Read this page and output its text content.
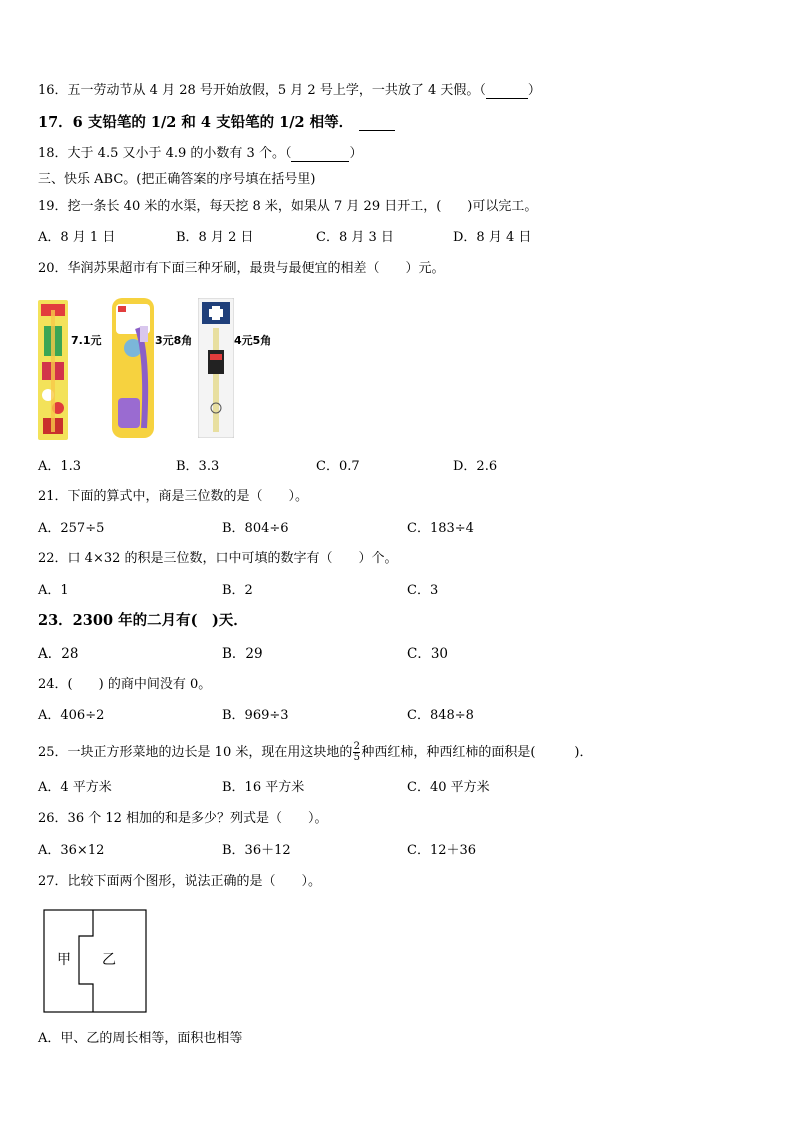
16．五一劳动节从 4 月 28 号开始放假，5 月 2 号上学，一共放了 4 天假。（	）
17．6 支铅笔的 1/2 和 4 支铅笔的 1/2 相等．
18．大于 4.5 又小于 4.9 的小数有 3 个。（	）
三、快乐 ABC。(把正确答案的序号填在括号里)
19．挖一条长 40 米的水渠，每天挖 8 米，如果从 7 月 29 日开工，(　　)可以完工。
A．8 月 1 日	B．8 月 2 日	C．8 月 3 日	D．8 月 4 日
20．华润苏果超市有下面三种牙刷，最贵与最便宜的相差（　　）元。
7.1元	3元8角	4元5角
A．1.3	B．3.3	C．0.7	D．2.6
21．下面的算式中，商是三位数的是（　　）。
A．257÷5	B．804÷6	C．183÷4
22．口 4×32 的积是三位数，口中可填的数字有（　　）个。
A．1	B．2	C．3
23．2300 年的二月有(　)天．
A．28	B．29	C．30
24．(　　) 的商中间没有 0。
A．406÷2	B．969÷3	C．848÷8
25．一块正方形菜地的边长是 10 米，现在用这块地的 $\frac{2}{5}$ 种西红柿，种西红柿的面积是(　　　)．
A．4 平方米	B．16 平方米	C．40 平方米
26．36 个 12 相加的和是多少？列式是（　　）。
A．36×12	B．36＋12	C．12＋36
27．比较下面两个图形，说法正确的是（　　）。
甲 乙
A．甲、乙的周长相等，面积也相等
